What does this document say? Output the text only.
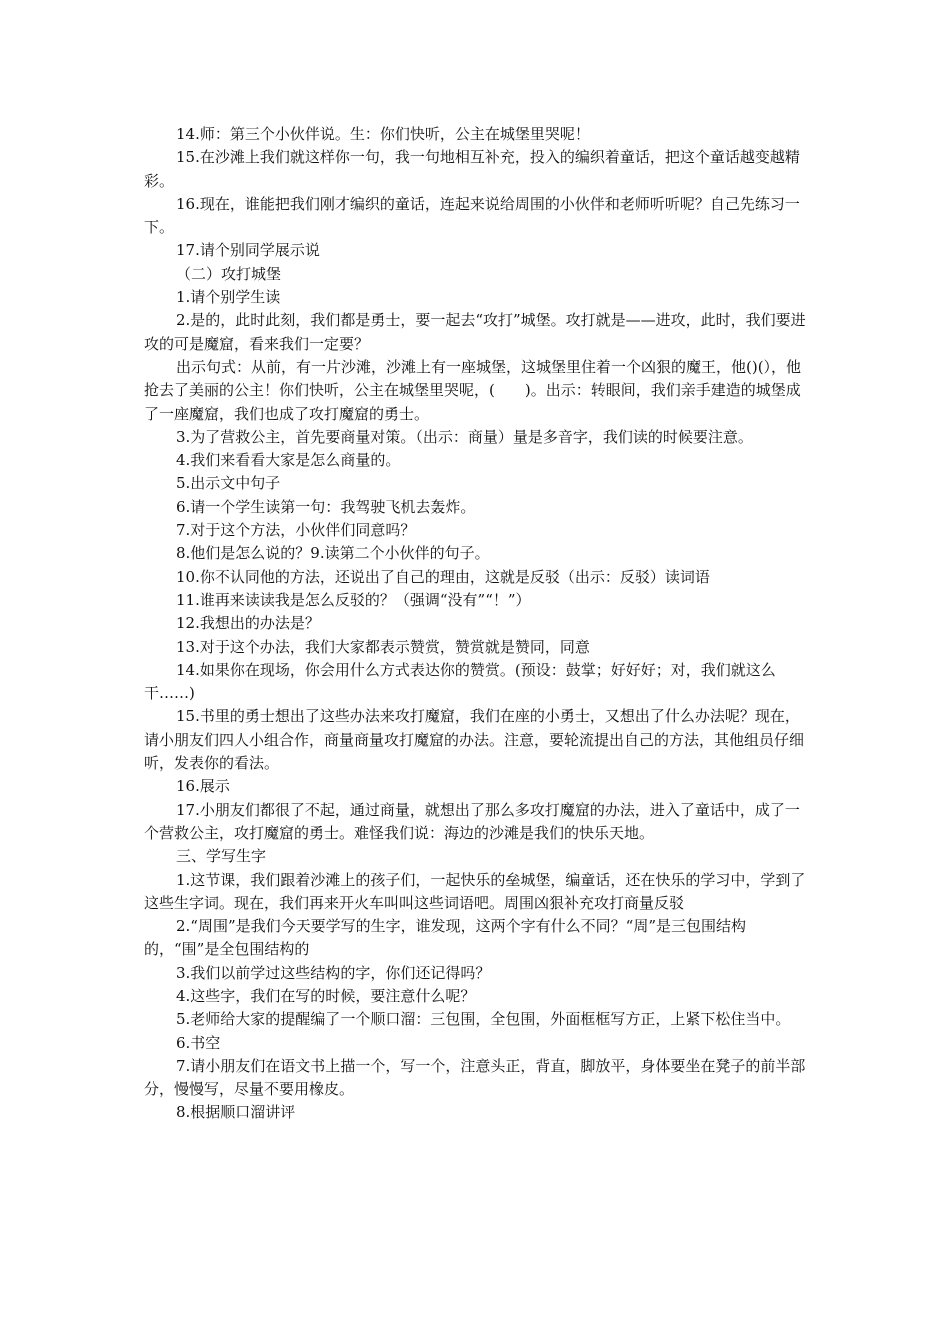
14.师：第三个小伙伴说。生：你们快听，公主在城堡里哭呢！

15.在沙滩上我们就这样你一句，我一句地相互补充，投入的编织着童话，把这个童话越变越精彩。

16.现在，谁能把我们刚才编织的童话，连起来说给周围的小伙伴和老师听听呢？自己先练习一下。

17.请个别同学展示说

（二）攻打城堡

1.请个别学生读

2.是的，此时此刻，我们都是勇士，要一起去“攻打”城堡。攻打就是——进攻，此时，我们要进攻的可是魔窟，看来我们一定要？

出示句式：从前，有一片沙滩，沙滩上有一座城堡，这城堡里住着一个凶狠的魔王，他()(），他抢去了美丽的公主！你们快听，公主在城堡里哭呢，(　　)。出示：转眼间，我们亲手建造的城堡成了一座魔窟，我们也成了攻打魔窟的勇士。

3.为了营救公主，首先要商量对策。（出示：商量）量是多音字，我们读的时候要注意。

4.我们来看看大家是怎么商量的。

5.出示文中句子

6.请一个学生读第一句：我驾驶飞机去轰炸。

7.对于这个方法，小伙伴们同意吗？

8.他们是怎么说的？9.读第二个小伙伴的句子。

10.你不认同他的方法，还说出了自己的理由，这就是反驳（出示：反驳）读词语

11.谁再来读读我是怎么反驳的？（强调“没有”“！”）

12.我想出的办法是？

13.对于这个办法，我们大家都表示赞赏，赞赏就是赞同，同意

14.如果你在现场，你会用什么方式表达你的赞赏。(预设：鼓掌；好好好；对，我们就这么干……)

15.书里的勇士想出了这些办法来攻打魔窟，我们在座的小勇士，又想出了什么办法呢？现在，请小朋友们四人小组合作，商量商量攻打魔窟的办法。注意，要轮流提出自己的方法，其他组员仔细听，发表你的看法。

16.展示

17.小朋友们都很了不起，通过商量，就想出了那么多攻打魔窟的办法，进入了童话中，成了一个营救公主，攻打魔窟的勇士。难怪我们说：海边的沙滩是我们的快乐天地。

三、学写生字

1.这节课，我们跟着沙滩上的孩子们，一起快乐的垒城堡，编童话，还在快乐的学习中，学到了这些生字词。现在，我们再来开火车叫叫这些词语吧。周围凶狠补充攻打商量反驳

2.“周围”是我们今天要学写的生字，谁发现，这两个字有什么不同？“周”是三包围结构的，“围”是全包围结构的

3.我们以前学过这些结构的字，你们还记得吗？

4.这些字，我们在写的时候，要注意什么呢？

5.老师给大家的提醒编了一个顺口溜：三包围，全包围，外面框框写方正，上紧下松住当中。

6.书空

7.请小朋友们在语文书上描一个，写一个，注意头正，背直，脚放平，身体要坐在凳子的前半部分，慢慢写，尽量不要用橡皮。

8.根据顺口溜讲评
